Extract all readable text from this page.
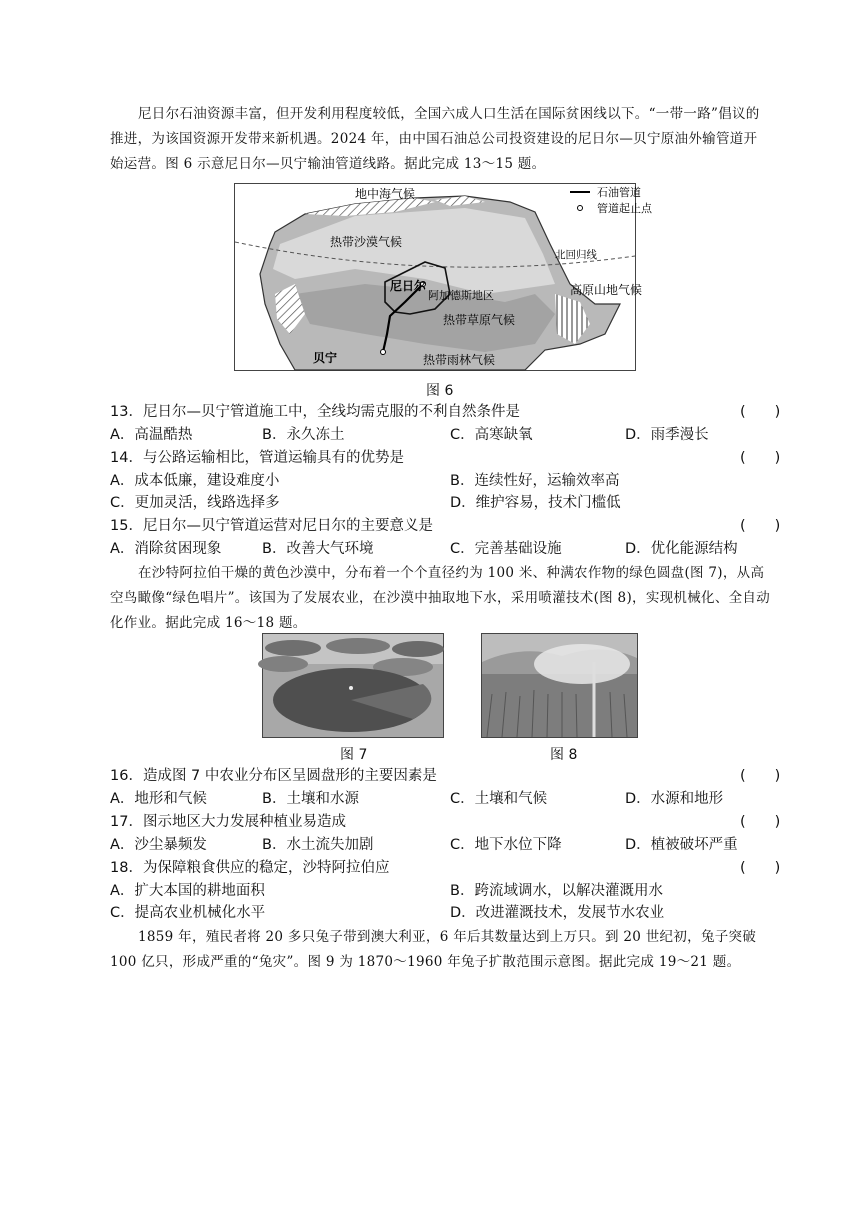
尼日尔石油资源丰富，但开发利用程度较低，全国六成人口生活在国际贫困线以下。“一带一路”倡议的推进，为该国资源开发带来新机遇。2024 年，由中国石油总公司投资建设的尼日尔—贝宁原油外输管道开始运营。图 6 示意尼日尔—贝宁输油管道线路。据此完成 13～15 题。
地中海气候
热带沙漠气候
北回归线
尼日尔
阿加德斯地区
热带草原气候
高原山地气候
热带雨林气候
贝宁
石油管道
管道起止点
图 6
13．尼日尔—贝宁管道施工中，全线均需克服的不利自然条件是	(　　)
A．高温酷热	B．永久冻土	C．高寒缺氧	D．雨季漫长
14．与公路运输相比，管道运输具有的优势是	(　　)
A．成本低廉，建设难度小	B．连续性好，运输效率高
C．更加灵活，线路选择多	D．维护容易，技术门槛低
15．尼日尔—贝宁管道运营对尼日尔的主要意义是	(　　)
A．消除贫困现象	B．改善大气环境	C．完善基础设施	D．优化能源结构
在沙特阿拉伯干燥的黄色沙漠中，分布着一个个直径约为 100 米、种满农作物的绿色圆盘(图 7)，从高空鸟瞰像“绿色唱片”。该国为了发展农业，在沙漠中抽取地下水，采用喷灌技术(图 8)，实现机械化、全自动化作业。据此完成 16～18 题。
图 7	图 8
16．造成图 7 中农业分布区呈圆盘形的主要因素是	(　　)
A．地形和气候	B．土壤和水源	C．土壤和气候	D．水源和地形
17．图示地区大力发展种植业易造成	(　　)
A．沙尘暴频发	B．水土流失加剧	C．地下水位下降	D．植被破坏严重
18．为保障粮食供应的稳定，沙特阿拉伯应	(　　)
A．扩大本国的耕地面积	B．跨流域调水，以解决灌溉用水
C．提高农业机械化水平	D．改进灌溉技术，发展节水农业
1859 年，殖民者将 20 多只兔子带到澳大利亚，6 年后其数量达到上万只。到 20 世纪初，兔子突破 100 亿只，形成严重的“兔灾”。图 9 为 1870～1960 年兔子扩散范围示意图。据此完成 19～21 题。
